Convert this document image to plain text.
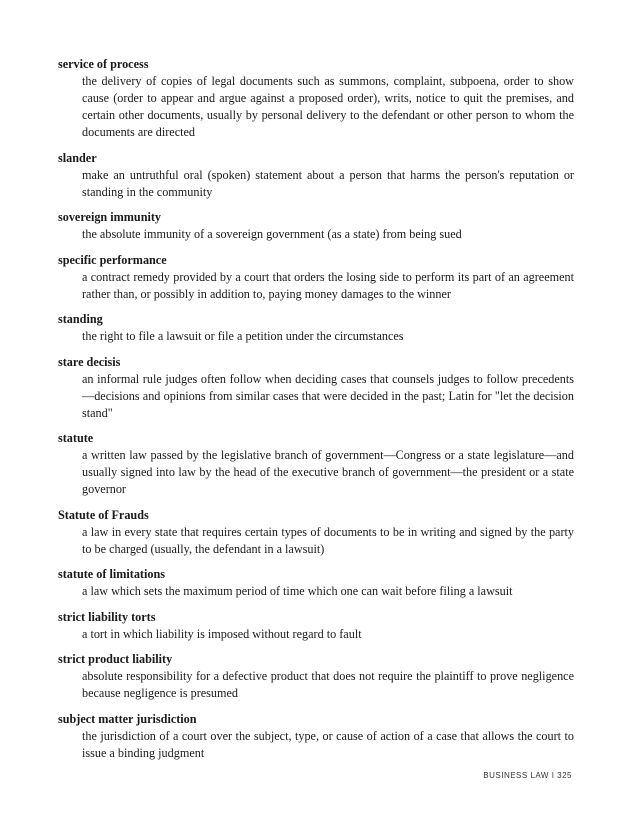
service of process

the delivery of copies of legal documents such as summons, complaint, subpoena, order to show cause (order to appear and argue against a proposed order), writs, notice to quit the premises, and certain other documents, usually by personal delivery to the defendant or other person to whom the documents are directed

slander

make an untruthful oral (spoken) statement about a person that harms the person's reputation or standing in the community

sovereign immunity

the absolute immunity of a sovereign government (as a state) from being sued

specific performance

a contract remedy provided by a court that orders the losing side to perform its part of an agreement rather than, or possibly in addition to, paying money damages to the winner

standing

the right to file a lawsuit or file a petition under the circumstances

stare decisis

an informal rule judges often follow when deciding cases that counsels judges to follow precedents—decisions and opinions from similar cases that were decided in the past; Latin for "let the decision stand"

statute

a written law passed by the legislative branch of government—Congress or a state legislature—and usually signed into law by the head of the executive branch of government—the president or a state governor

Statute of Frauds

a law in every state that requires certain types of documents to be in writing and signed by the party to be charged (usually, the defendant in a lawsuit)

statute of limitations

a law which sets the maximum period of time which one can wait before filing a lawsuit

strict liability torts

a tort in which liability is imposed without regard to fault

strict product liability

absolute responsibility for a defective product that does not require the plaintiff to prove negligence because negligence is presumed

subject matter jurisdiction

the jurisdiction of a court over the subject, type, or cause of action of a case that allows the court to issue a binding judgment

BUSINESS LAW I 325
